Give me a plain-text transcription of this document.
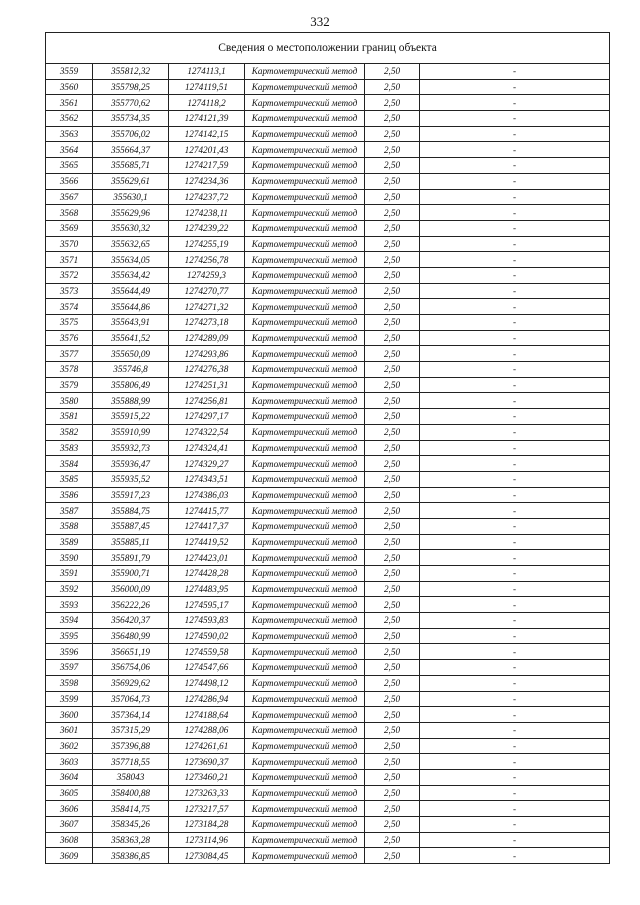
332
Сведения о местоположении границ объекта					
3559	355812,32	1274113,1	Картометрический метод	2,50	-
3560	355798,25	1274119,51	Картометрический метод	2,50	-
3561	355770,62	1274118,2	Картометрический метод	2,50	-
3562	355734,35	1274121,39	Картометрический метод	2,50	-
3563	355706,02	1274142,15	Картометрический метод	2,50	-
3564	355664,37	1274201,43	Картометрический метод	2,50	-
3565	355685,71	1274217,59	Картометрический метод	2,50	-
3566	355629,61	1274234,36	Картометрический метод	2,50	-
3567	355630,1	1274237,72	Картометрический метод	2,50	-
3568	355629,96	1274238,11	Картометрический метод	2,50	-
3569	355630,32	1274239,22	Картометрический метод	2,50	-
3570	355632,65	1274255,19	Картометрический метод	2,50	-
3571	355634,05	1274256,78	Картометрический метод	2,50	-
3572	355634,42	1274259,3	Картометрический метод	2,50	-
3573	355644,49	1274270,77	Картометрический метод	2,50	-
3574	355644,86	1274271,32	Картометрический метод	2,50	-
3575	355643,91	1274273,18	Картометрический метод	2,50	-
3576	355641,52	1274289,09	Картометрический метод	2,50	-
3577	355650,09	1274293,86	Картометрический метод	2,50	-
3578	355746,8	1274276,38	Картометрический метод	2,50	-
3579	355806,49	1274251,31	Картометрический метод	2,50	-
3580	355888,99	1274256,81	Картометрический метод	2,50	-
3581	355915,22	1274297,17	Картометрический метод	2,50	-
3582	355910,99	1274322,54	Картометрический метод	2,50	-
3583	355932,73	1274324,41	Картометрический метод	2,50	-
3584	355936,47	1274329,27	Картометрический метод	2,50	-
3585	355935,52	1274343,51	Картометрический метод	2,50	-
3586	355917,23	1274386,03	Картометрический метод	2,50	-
3587	355884,75	1274415,77	Картометрический метод	2,50	-
3588	355887,45	1274417,37	Картометрический метод	2,50	-
3589	355885,11	1274419,52	Картометрический метод	2,50	-
3590	355891,79	1274423,01	Картометрический метод	2,50	-
3591	355900,71	1274428,28	Картометрический метод	2,50	-
3592	356000,09	1274483,95	Картометрический метод	2,50	-
3593	356222,26	1274595,17	Картометрический метод	2,50	-
3594	356420,37	1274593,83	Картометрический метод	2,50	-
3595	356480,99	1274590,02	Картометрический метод	2,50	-
3596	356651,19	1274559,58	Картометрический метод	2,50	-
3597	356754,06	1274547,66	Картометрический метод	2,50	-
3598	356929,62	1274498,12	Картометрический метод	2,50	-
3599	357064,73	1274286,94	Картометрический метод	2,50	-
3600	357364,14	1274188,64	Картометрический метод	2,50	-
3601	357315,29	1274288,06	Картометрический метод	2,50	-
3602	357396,88	1274261,61	Картометрический метод	2,50	-
3603	357718,55	1273690,37	Картометрический метод	2,50	-
3604	358043	1273460,21	Картометрический метод	2,50	-
3605	358400,88	1273263,33	Картометрический метод	2,50	-
3606	358414,75	1273217,57	Картометрический метод	2,50	-
3607	358345,26	1273184,28	Картометрический метод	2,50	-
3608	358363,28	1273114,96	Картометрический метод	2,50	-
3609	358386,85	1273084,45	Картометрический метод	2,50	-
